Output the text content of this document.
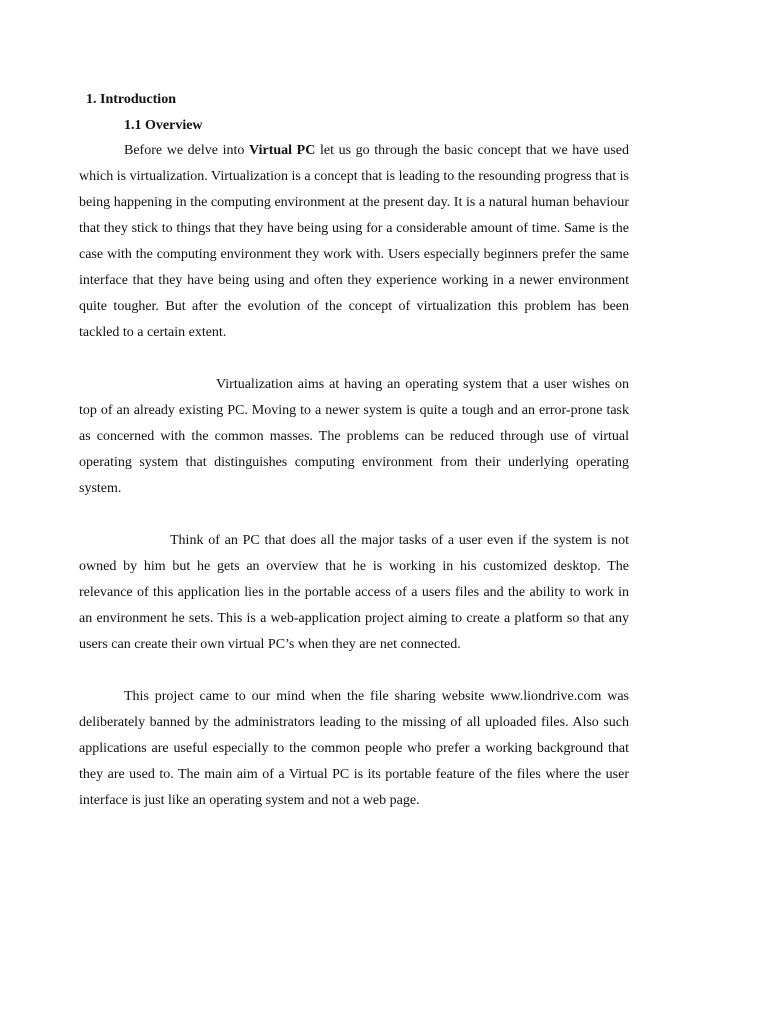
1. Introduction
1.1 Overview

Before we delve into Virtual PC let us go through the basic concept that we have used which is virtualization. Virtualization is a concept that is leading to the resounding progress that is being happening in the computing environment at the present day. It is a natural human behaviour that they stick to things that they have being using for a considerable amount of time. Same is the case with the computing environment they work with. Users especially beginners prefer the same interface that they have being using and often they experience working in a newer environment quite tougher. But after the evolution of the concept of virtualization this problem has been tackled to a certain extent.

Virtualization aims at having an operating system that a user wishes on top of an already existing PC. Moving to a newer system is quite a tough and an error-prone task as concerned with the common masses. The problems can be reduced through use of virtual operating system that distinguishes computing environment from their underlying operating system.

Think of an PC that does all the major tasks of a user even if the system is not owned by him but he gets an overview that he is working in his customized desktop. The relevance of this application lies in the portable access of a users files and the ability to work in an environment he sets. This is a web-application project aiming to create a platform so that any users can create their own virtual PC’s when they are net connected.

This project came to our mind when the file sharing website www.liondrive.com was deliberately banned by the administrators leading to the missing of all uploaded files. Also such applications are useful especially to the common people who prefer a working background that they are used to. The main aim of a Virtual PC is its portable feature of the files where the user interface is just like an operating system and not a web page.
